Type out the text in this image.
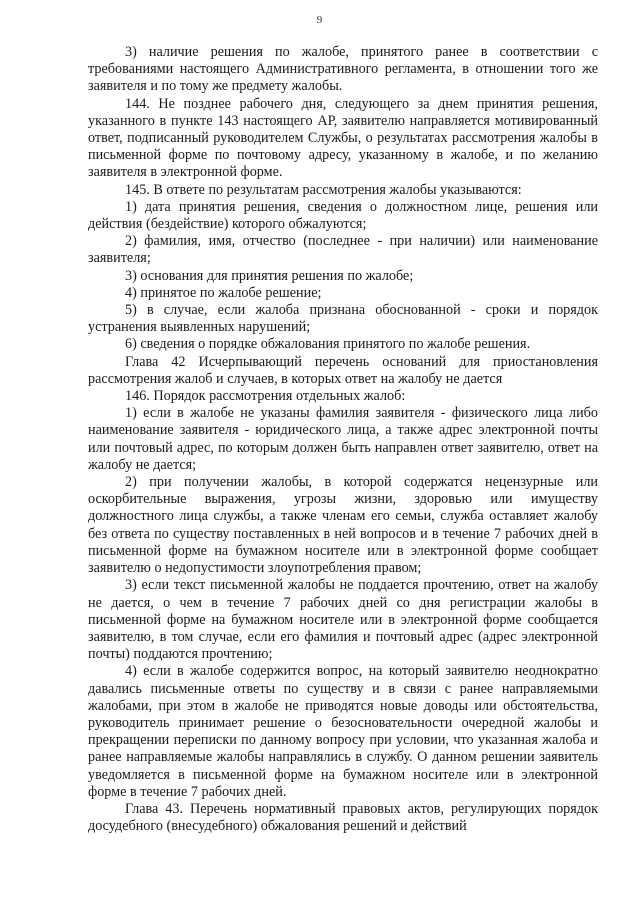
9

3) наличие решения по жалобе, принятого ранее в соответствии с требованиями настоящего Административного регламента, в отношении того же заявителя и по тому же предмету жалобы.

144. Не позднее рабочего дня, следующего за днем принятия решения, указанного в пункте 143 настоящего АР, заявителю направляется мотивированный ответ, подписанный руководителем Службы, о результатах рассмотрения жалобы в письменной форме по почтовому адресу, указанному в жалобе, и по желанию заявителя в электронной форме.

145. В ответе по результатам рассмотрения жалобы указываются:

1) дата принятия решения, сведения о должностном лице, решения или действия (бездействие) которого обжалуются;

2) фамилия, имя, отчество (последнее - при наличии) или наименование заявителя;

3) основания для принятия решения по жалобе;

4) принятое по жалобе решение;

5) в случае, если жалоба признана обоснованной - сроки и порядок устранения выявленных нарушений;

6) сведения о порядке обжалования принятого по жалобе решения.

Глава 42 Исчерпывающий перечень оснований для приостановления рассмотрения жалоб и случаев, в которых ответ на жалобу не дается

146. Порядок рассмотрения отдельных жалоб:

1) если в жалобе не указаны фамилия заявителя - физического лица либо наименование заявителя - юридического лица, а также адрес электронной почты или почтовый адрес, по которым должен быть направлен ответ заявителю, ответ на жалобу не дается;

2) при получении жалобы, в которой содержатся нецензурные или оскорбительные выражения, угрозы жизни, здоровью или имуществу должностного лица службы, а также членам его семьи, служба оставляет жалобу без ответа по существу поставленных в ней вопросов и в течение 7 рабочих дней в письменной форме на бумажном носителе или в электронной форме сообщает заявителю о недопустимости злоупотребления правом;

3) если текст письменной жалобы не поддается прочтению, ответ на жалобу не дается, о чем в течение 7 рабочих дней со дня регистрации жалобы в письменной форме на бумажном носителе или в электронной форме сообщается заявителю, в том случае, если его фамилия и почтовый адрес (адрес электронной почты) поддаются прочтению;

4) если в жалобе содержится вопрос, на который заявителю неоднократно давались письменные ответы по существу и в связи с ранее направляемыми жалобами, при этом в жалобе не приводятся новые доводы или обстоятельства, руководитель принимает решение о безосновательности очередной жалобы и прекращении переписки по данному вопросу при условии, что указанная жалоба и ранее направляемые жалобы направлялись в службу. О данном решении заявитель уведомляется в письменной форме на бумажном носителе или в электронной форме в течение 7 рабочих дней.

Глава 43. Перечень нормативный правовых актов, регулирующих порядок досудебного (внесудебного) обжалования решений и действий
